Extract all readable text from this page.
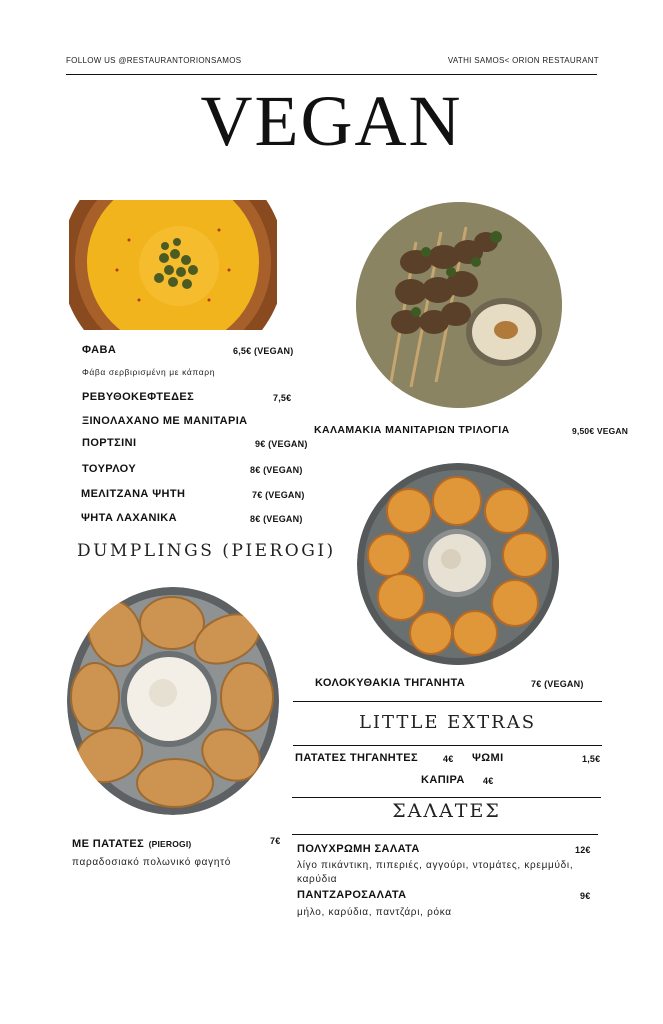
FOLLOW US @RESTAURANTORIONSAMOS	VATHI SAMOS< ORION RESTAURANT
VEGAN
ΦΑΒΑ	6,5€ (VEGAN)
Φάβα σερβιρισμένη με κάπαρη
ΡΕΒΥΘΟΚΕΦΤΕΔΕΣ	7,5€
ΞΙΝΟΛΑΧΑΝΟ ΜΕ ΜΑΝΙΤΑΡΙΑ
ΠΟΡΤΣΙΝΙ	9€ (VEGAN)
ΤΟΥΡΛΟΥ	8€ (VEGAN)
ΜΕΛΙΤΖΑΝΑ ΨΗΤΗ	7€ (VEGAN)
ΨΗΤΑ ΛΑΧΑΝΙΚΑ	8€ (VEGAN)
ΚΑΛΑΜΑΚΙΑ ΜΑΝΙΤΑΡΙΩΝ ΤΡΙΛΟΓΙΑ	9,50€ VEGAN
DUMPLINGS (PIEROGI)
ΚΟΛΟΚΥΘΑΚΙΑ ΤΗΓΑΝΗΤΑ	7€ (VEGAN)
LITTLE EXTRAS
ΠΑΤΑΤΕΣ ΤΗΓΑΝΗΤΕΣ	4€ ΨΩΜΙ	1,5€
ΚΑΠΙΡΑ 4€
ΣΑΛΑΤΕΣ
ΠΟΛΥΧΡΩΜΗ ΣΑΛΑΤΑ	12€
λίγο πικάντικη, πιπεριές, αγγούρι, ντομάτες, κρεμμύδι,
καρύδια
ΠΑΝΤΖΑΡΟΣΑΛΑΤΑ	9€
μήλο, καρύδια, παντζάρι, ρόκα
ΜΕ ΠΑΤΑΤΕΣ (PIEROGI)	7€
παραδοσιακό πολωνικό φαγητό
